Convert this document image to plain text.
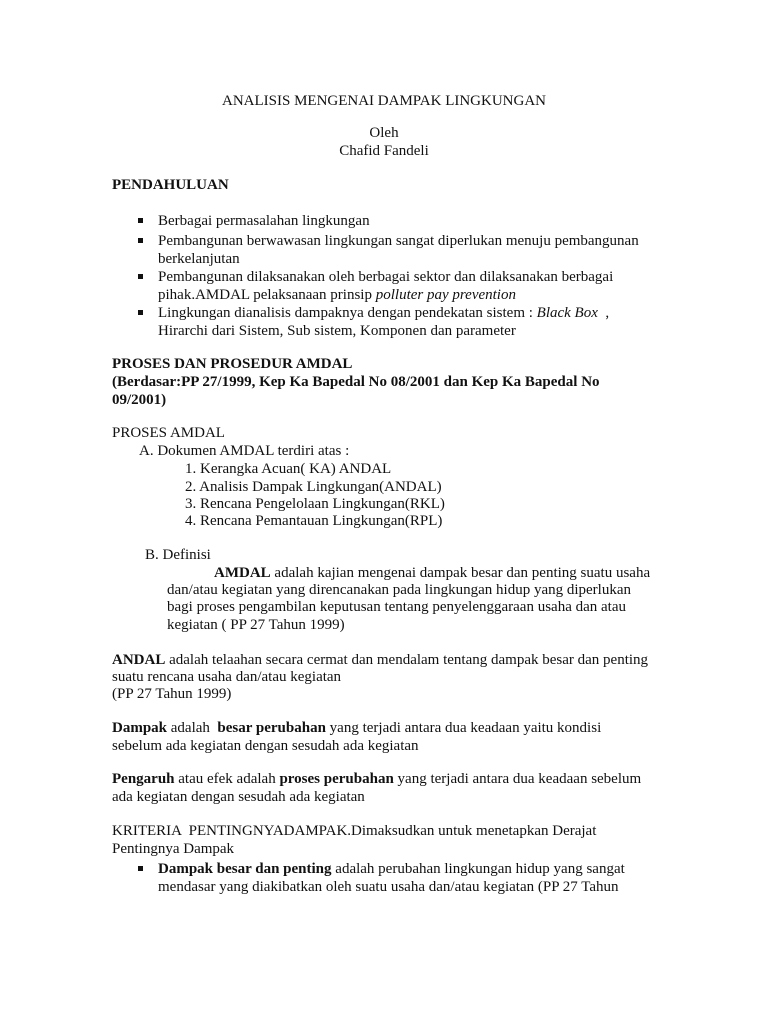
ANALISIS MENGENAI DAMPAK LINGKUNGAN
Oleh
Chafid Fandeli
PENDAHULUAN
Berbagai permasalahan lingkungan
Pembangunan berwawasan lingkungan sangat diperlukan menuju pembangunan
berkelanjutan
Pembangunan dilaksanakan oleh berbagai sektor dan dilaksanakan berbagai
pihak.AMDAL pelaksanaan prinsip polluter pay prevention
Lingkungan dianalisis dampaknya dengan pendekatan sistem : Black Box  ,
Hirarchi dari Sistem, Sub sistem, Komponen dan parameter
PROSES DAN PROSEDUR AMDAL
(Berdasar:PP 27/1999, Kep Ka Bapedal No 08/2001 dan Kep Ka Bapedal No
09/2001)
PROSES AMDAL
A. Dokumen AMDAL terdiri atas :
1. Kerangka Acuan( KA) ANDAL
2. Analisis Dampak Lingkungan(ANDAL)
3. Rencana Pengelolaan Lingkungan(RKL)
4. Rencana Pemantauan Lingkungan(RPL)
B. Definisi
AMDAL adalah kajian mengenai dampak besar dan penting suatu usaha
dan/atau kegiatan yang direncanakan pada lingkungan hidup yang diperlukan
bagi proses pengambilan keputusan tentang penyelenggaraan usaha dan atau
kegiatan ( PP 27 Tahun 1999)
ANDAL adalah telaahan secara cermat dan mendalam tentang dampak besar dan penting
suatu rencana usaha dan/atau kegiatan
(PP 27 Tahun 1999)
Dampak adalah  besar perubahan yang terjadi antara dua keadaan yaitu kondisi
sebelum ada kegiatan dengan sesudah ada kegiatan
Pengaruh atau efek adalah proses perubahan yang terjadi antara dua keadaan sebelum
ada kegiatan dengan sesudah ada kegiatan
KRITERIA  PENTINGNYADAMPAK.Dimaksudkan untuk menetapkan Derajat
Pentingnya Dampak
Dampak besar dan penting adalah perubahan lingkungan hidup yang sangat
mendasar yang diakibatkan oleh suatu usaha dan/atau kegiatan (PP 27 Tahun
